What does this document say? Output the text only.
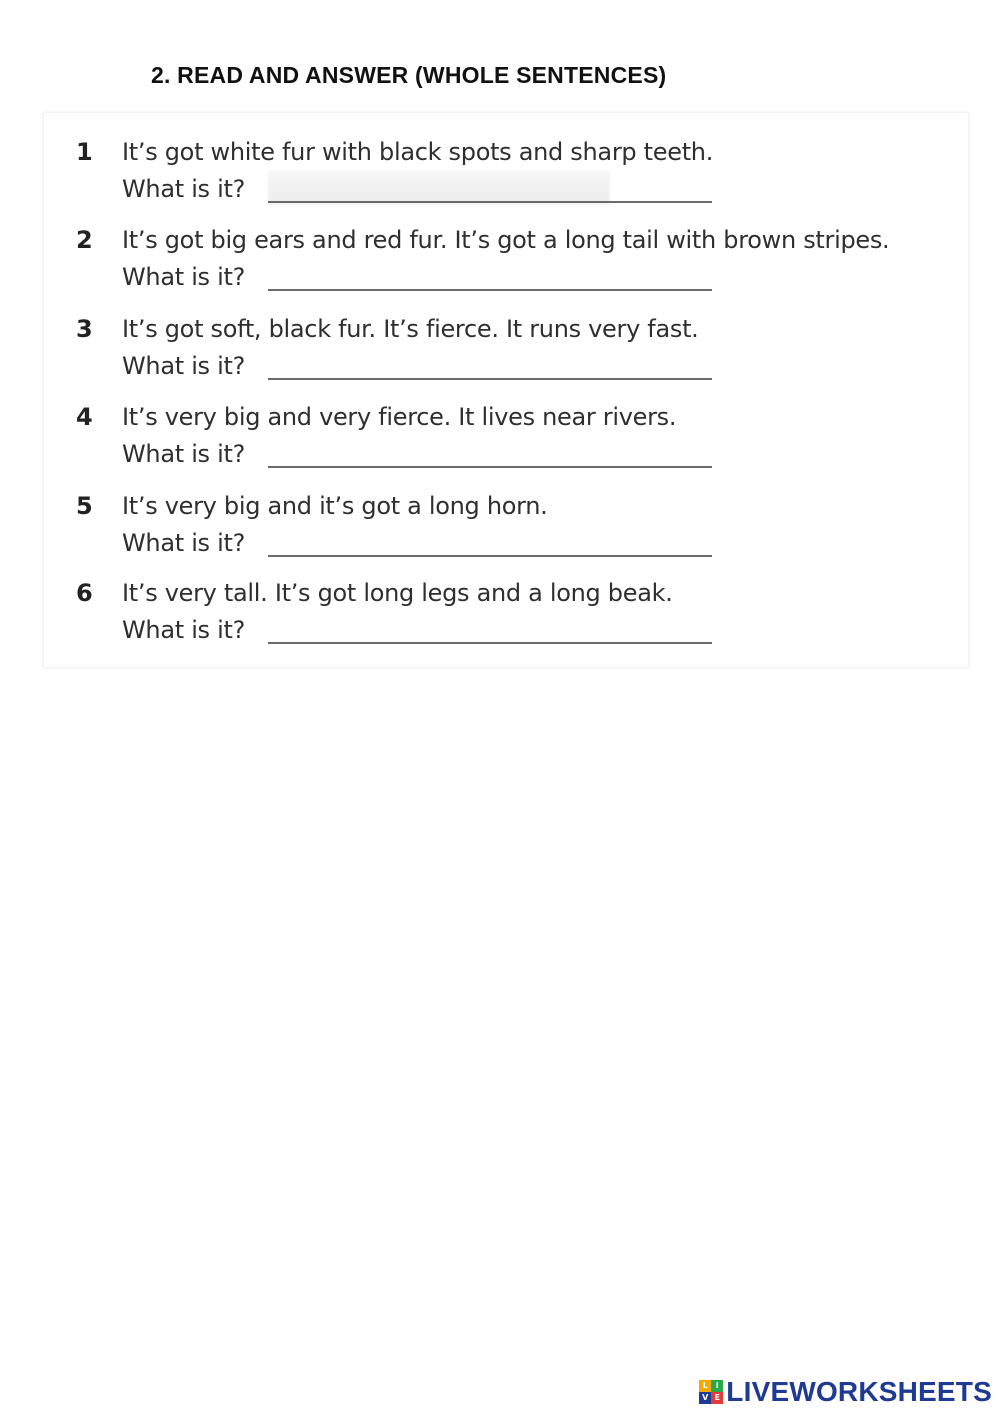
2. READ AND ANSWER (WHOLE SENTENCES)
1	It’s got white fur with black spots and sharp teeth.
What is it?
2	It’s got big ears and red fur. It’s got a long tail with brown stripes.
What is it?
3	It’s got soft, black fur. It’s fierce. It runs very fast.
What is it?
4	It’s very big and very fierce. It lives near rivers.
What is it?
5	It’s very big and it’s got a long horn.
What is it?
6	It’s very tall. It’s got long legs and a long beak.
What is it?
L I
V E LIVEWORKSHEETS
